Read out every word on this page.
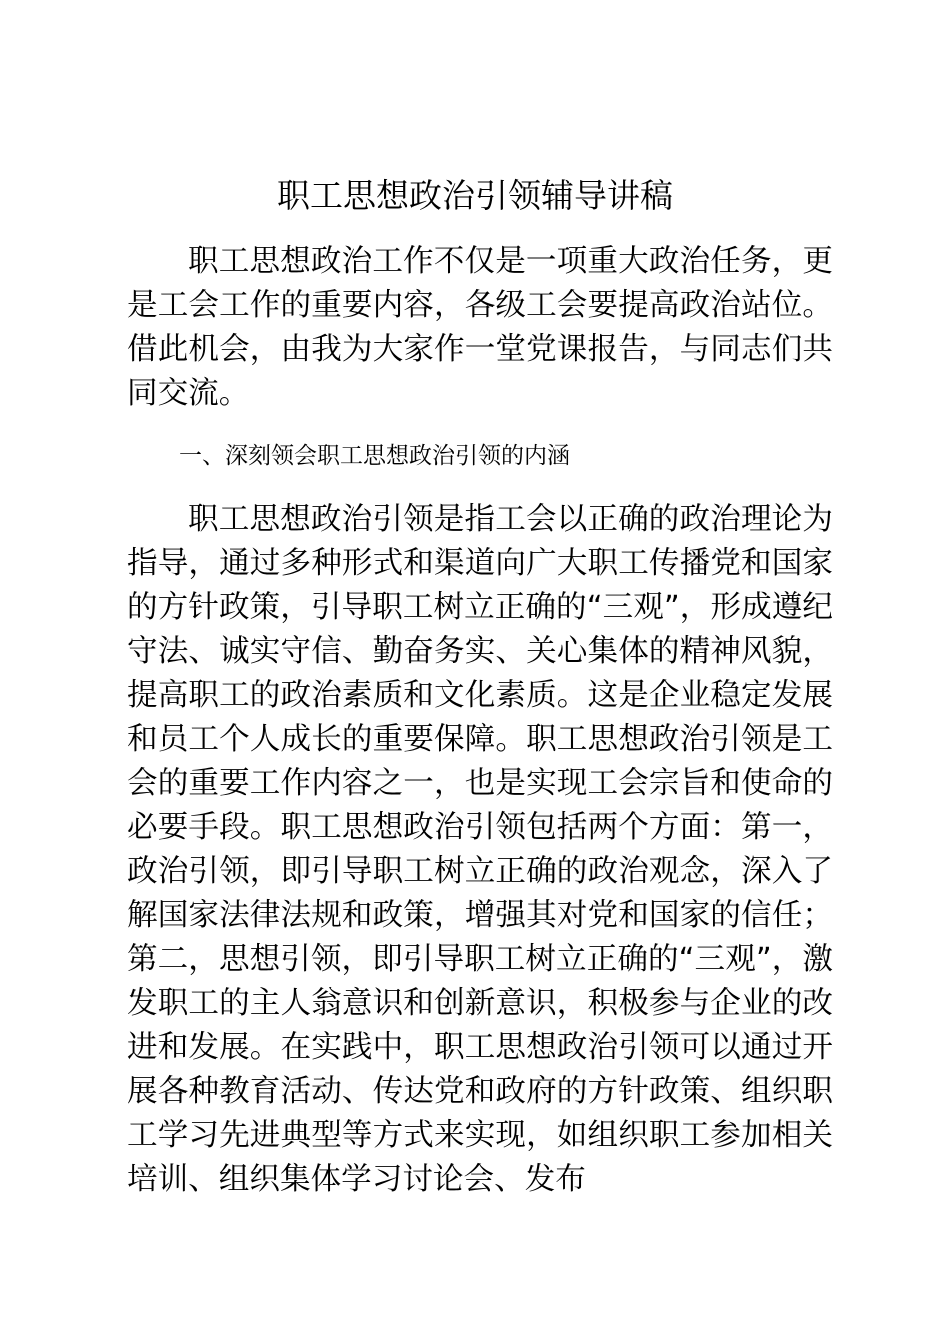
职工思想政治引领辅导讲稿

职工思想政治工作不仅是一项重大政治任务，更是工会工作的重要内容，各级工会要提高政治站位。借此机会，由我为大家作一堂党课报告，与同志们共同交流。

一、深刻领会职工思想政治引领的内涵

职工思想政治引领是指工会以正确的政治理论为指导，通过多种形式和渠道向广大职工传播党和国家的方针政策，引导职工树立正确的“三观”，形成遵纪守法、诚实守信、勤奋务实、关心集体的精神风貌，提高职工的政治素质和文化素质。这是企业稳定发展和员工个人成长的重要保障。职工思想政治引领是工会的重要工作内容之一，也是实现工会宗旨和使命的必要手段。职工思想政治引领包括两个方面：第一，政治引领，即引导职工树立正确的政治观念，深入了解国家法律法规和政策，增强其对党和国家的信任；第二，思想引领，即引导职工树立正确的“三观”，激发职工的主人翁意识和创新意识，积极参与企业的改进和发展。在实践中，职工思想政治引领可以通过开展各种教育活动、传达党和政府的方针政策、组织职工学习先进典型等方式来实现，如组织职工参加相关培训、组织集体学习讨论会、发布
